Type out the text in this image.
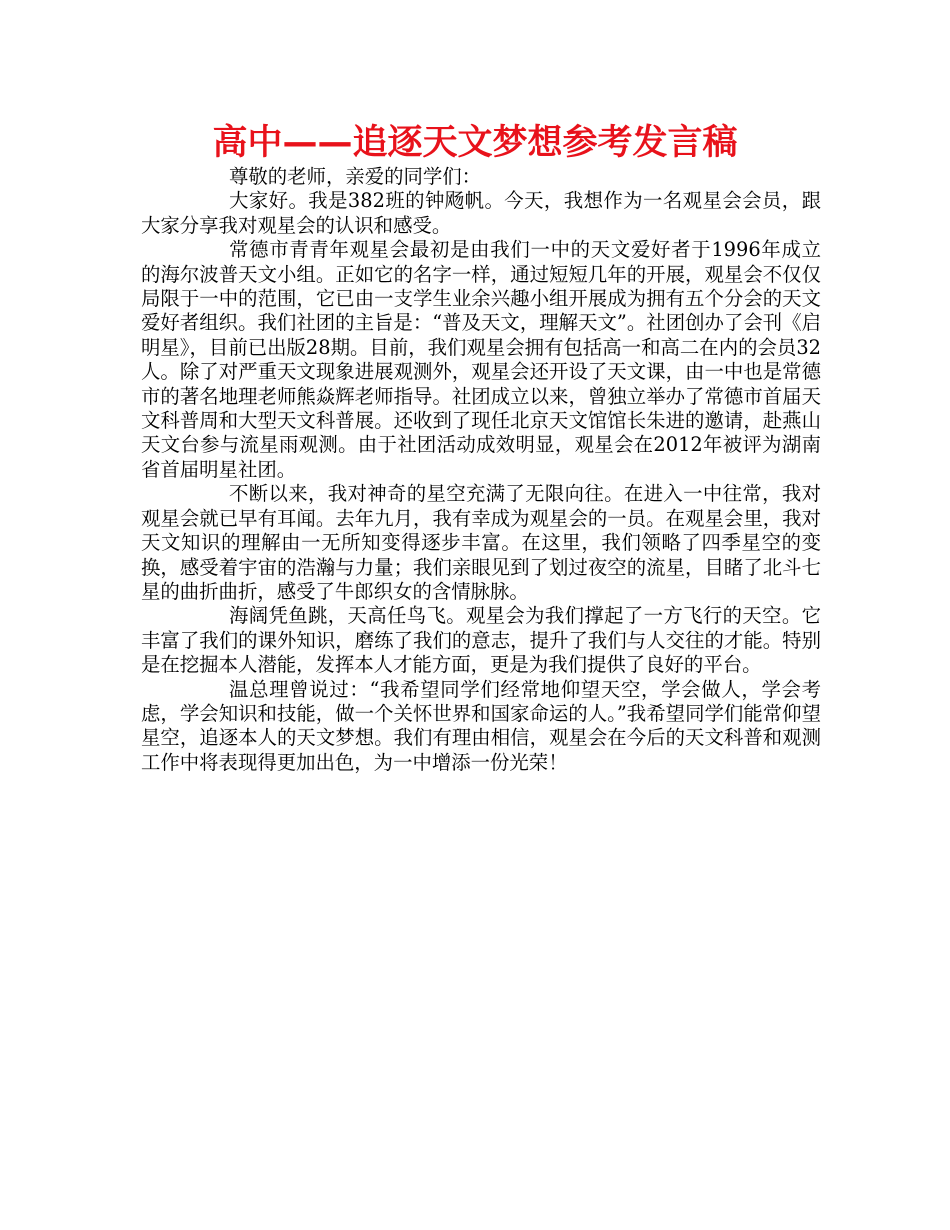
高中——追逐天文梦想参考发言稿

尊敬的老师，亲爱的同学们：

大家好。我是382班的钟飏帆。今天，我想作为一名观星会会员，跟大家分享我对观星会的认识和感受。

常德市青青年观星会最初是由我们一中的天文爱好者于1996年成立的海尔波普天文小组。正如它的名字一样，通过短短几年的开展，观星会不仅仅局限于一中的范围，它已由一支学生业余兴趣小组开展成为拥有五个分会的天文爱好者组织。我们社团的主旨是：“普及天文，理解天文”。社团创办了会刊《启明星》，目前已出版28期。目前，我们观星会拥有包括高一和高二在内的会员32人。除了对严重天文现象进展观测外，观星会还开设了天文课，由一中也是常德市的著名地理老师熊焱辉老师指导。社团成立以来，曾独立举办了常德市首届天文科普周和大型天文科普展。还收到了现任北京天文馆馆长朱进的邀请，赴燕山天文台参与流星雨观测。由于社团活动成效明显，观星会在2012年被评为湖南省首届明星社团。

不断以来，我对神奇的星空充满了无限向往。在进入一中往常，我对观星会就已早有耳闻。去年九月，我有幸成为观星会的一员。在观星会里，我对天文知识的理解由一无所知变得逐步丰富。在这里，我们领略了四季星空的变换，感受着宇宙的浩瀚与力量；我们亲眼见到了划过夜空的流星，目睹了北斗七星的曲折曲折，感受了牛郎织女的含情脉脉。

海阔凭鱼跳，天高任鸟飞。观星会为我们撑起了一方飞行的天空。它丰富了我们的课外知识，磨练了我们的意志，提升了我们与人交往的才能。特别是在挖掘本人潜能，发挥本人才能方面，更是为我们提供了良好的平台。

温总理曾说过：“我希望同学们经常地仰望天空，学会做人，学会考虑，学会知识和技能，做一个关怀世界和国家命运的人。”我希望同学们能常仰望星空，追逐本人的天文梦想。我们有理由相信，观星会在今后的天文科普和观测工作中将表现得更加出色，为一中增添一份光荣！
